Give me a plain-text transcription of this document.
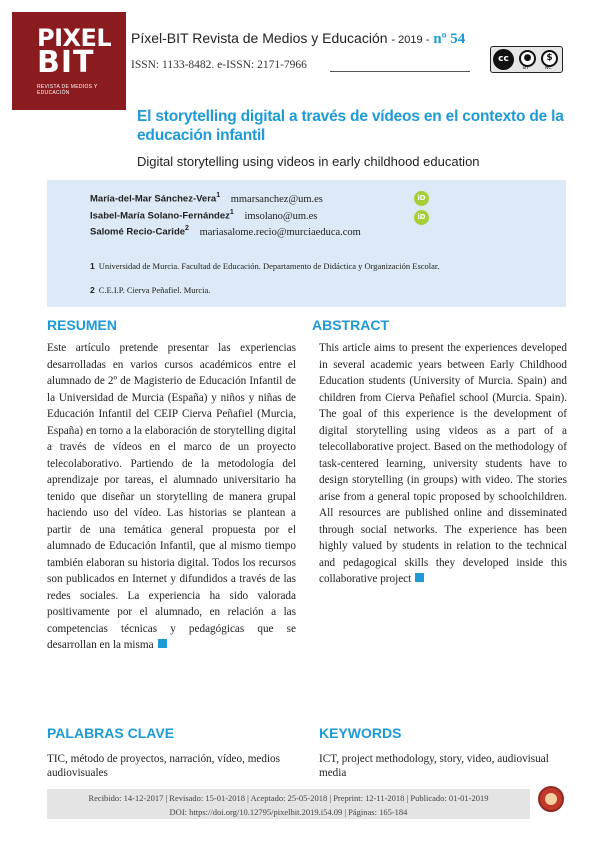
PIXEL
BIT
REVISTA DE MEDIOS Y EDUCACIÓN
Píxel-BIT Revista de Medios y Educación - 2019 - nº 54
ISSN: 1133-8482. e-ISSN: 2171-7966	cc	●	$
BY	NC
El storytelling digital a través de vídeos en el contexto de la educación infantil
Digital storytelling using videos in early childhood education
María-del-Mar Sánchez-Vera$^1$ mmarsanchez@um.es	iD
Isabel-María Solano-Fernández$^1$ imsolano@um.es	iD
Salomé Recio-Caride$^2$ mariasalome.recio@murciaeduca.com
1 Universidad de Murcia. Facultad de Educación. Departamento de Didáctica y Organización Escolar.
2 C.E.I.P. Cierva Peñafiel. Murcia.
RESUMEN
Este artículo pretende presentar las experiencias desarrolladas en varios cursos académicos entre el alumnado de 2º de Magisterio de Educación Infantil de la Universidad de Murcia (España) y niños y niñas de Educación Infantil del CEIP Cierva Peñafiel (Murcia, España) en torno a la elaboración de storytelling digital a través de vídeos en el marco de un proyecto telecolaborativo. Partiendo de la metodología del aprendizaje por tareas, el alumnado universitario ha tenido que diseñar un storytelling de manera grupal haciendo uso del vídeo. Las historias se plantean a partir de una temática general propuesta por el alumnado de Educación Infantil, que al mismo tiempo también elaboran su historia digital. Todos los recursos son publicados en Internet y difundidos a través de las redes sociales. La experiencia ha sido valorada positivamente por el alumnado, en relación a las competencias técnicas y pedagógicas que se desarrollan en la misma
ABSTRACT
This article aims to present the experiences developed in several academic years between Early Childhood Education students (University of Murcia. Spain) and children from Cierva Peñafiel school (Murcia. Spain). The goal of this experience is the development of digital storytelling using videos as a part of a telecollaborative project. Based on the methodology of task-centered learning, university students have to design storytelling (in groups) with video. The stories arise from a general topic proposed by schoolchildren. All resources are published online and disseminated through social networks. The experience has been highly valued by students in relation to the technical and pedagogical skills they developed inside this collaborative project
PALABRAS CLAVE
TIC, método de proyectos, narración, vídeo, medios audiovisuales
KEYWORDS
ICT, project methodology, story, video, audiovisual media
Recibido: 14-12-2017 | Revisado: 15-01-2018 | Aceptado: 25-05-2018 | Preprint: 12-11-2018 | Publicado: 01-01-2019
DOI: https://doi.org/10.12795/pixelbit.2019.i54.09 | Páginas: 165-184
